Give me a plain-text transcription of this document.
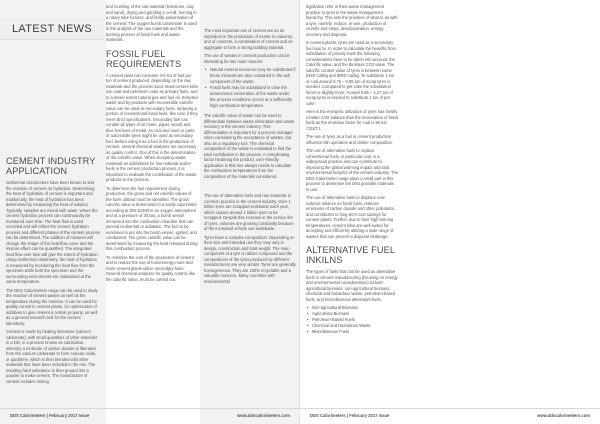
LATEST NEWS
CEMENT INDUSTRY APPLICATION

Isothermal calorimeters have been known to test the reaction of cement on hydration. Determining the heat of hydration of cement is important and traditionally, the heat of hydration has been determined by measuring the heat of solution. Typically, samples are mixed with water, where the cement hydration process can continuously be monitored over time. The heat flow is used recorded and will reflect the cement hydration process and different phases of the cement process can be determined. The addition of mixtures will change the shape of the heat flow curve and the mixture effect can be quantified. The integrated heat flow over time will give the extent of hydration. Using isothermal calorimetry, the heat of hydration is measured by monitoring the heat flow from the specimen while both the specimen and the surrounding environment are maintained at the same temperature.

The DDS Calorimeters range can be used to study the reaction of cement pastes as well as the temperature during the reaction. It can be used for quality control in cement plants, for optimization of additives to give cement a certain property, as well as a general research tool for the cement laboratory.

Cement is made by heating limestone (calcium carbonate), with small quantities of other materials in a kiln, in a process known as calcination, whereby a molecule of carbon dioxide is liberated from the calcium carbonate to form calcium oxide, or quicklime, which is then blended with other materials that have been included in the mix. The resulting hard substance is then ground into a powder to make cement. The manufacture of cement includes mining

and crushing of the raw material (limestone, clay and sand), drying and grinding in a mill, burning in a rotary tube furnace, and finally pulverisation of the cement. The oxygen bomb calorimeter is used in the analysis of the raw materials and the burning process of fossil fuels and waste materials.

FOSSIL FUEL REQUIREMENTS

A cement plant can consume 3-6 GJ of fuel per ton of cement produced, depending on the raw materials and the process used. Most cement kilns use coal and petroleum coke as primary fuels, and to a lesser extent natural gas and fuel oil. Selected waste and by-products with recoverable calorific value can be used as secondary fuels, replacing a portion of conventional fossil fuels, like coal, if they meet strict specifications. Secondary fuel can contain all types of oil (mine, paper, wood) and blue fractions of metal. As coal and used or parts of automobile tyres might be used as secondary fuel. Before using it as a fuel in the production of cement, several chemical analyses are necessary as quality control. One of this is the determination of the calorific value. When accepting waste materials as substitutes for raw material and/or fuels in the cement production process, it is important to evaluate the contribution of the waste products to the process.

To determine the fuel requirement during production, the gross and net calorific values of the fuels utilized must be identified. The gross calorific value is determined in a bomb calorimeter according to DIN 51900 in an oxygen atmosphere and at a pressure of 30 bar; a bomb vessel immersed into the combustion chamber that can ascend isothermal or adiabatic. The fuel to be examined is put into the bomb vessel, ignited, and combusted. The gross calorific value can be determined by measuring the heat released during this combustion process.

To minimize the cost of the production of cement and to reduce the use of fossil energy more and more cement plants utilize secondary fuels. Several chemical analyses for quality control, like the calorific value, must be carried out.

The most important use of cement are as an ingredient in the production of mortar in masonry, and of concrete, a combination of cement and an aggregate to form a strong building material.

The use of wastes in cement production can be interesting for two main reasons:

• Natural mineral resources may be substituted if these minerals are also contained in the ash component of the waste.
• Fossil fuels may be substituted in case the autonomous incineration of the waste under the process conditions occurs at a sufficiently high combustion temperature.

The calorific value of waste can be used to differentiate between waste elimination and waste recovery in the cement industry. This differentiation is important for a process manager when considering the acceptance of wastes, but also as a regulatory tool. The chemical composition of the waste is evaluated to find the total contribution to the process. A complicating factor hindering the product, user-friendly application is that one always needs to calculate the combustion temperatures from the composition of the materials considered.

The use of alternative fuels and raw materials is common practice in the cement industry. Over 1 billion tyres are scrapped worldwide each year, which causes around 1 billion tyres to be scrapped. Despite this increase in the service life of tyres, volumes are growing constantly because of the increased vehicle use worldwide.

Tyres have a complex composition. Depending on their size and intended use they may vary in design, construction and total weight. The main component of a tyre is rubber compound and the compositions of the tyres produced by different manufacturers are very similar. Tyres are generally homogeneous. They are 100% recyclable and a valuable resource. Many countries with environmental

DDS Calorimeters | February 2017 Issue	www.ddscalorimeters.com

legislation refer in their waste management practice to tyres in the waste management hierarchy. This sets the priorities of what to do with a tyre, namely: reduce, re-use, production of crumbs and strips, devulcanization, energy recovery and disposal.

In cement plants, tyres are used as a secondary fuel source. In order to calculate the benefits from substitution of primary fuels the following considerations have to be taken into account: the Calorific value, and the Biomass CO2 value. The calorific content value of tyres is between some 6450 Cal/kg and 8000 Cal/kg. To substitute 1 ton of coal around 0.75 – 0.85 ton of scrap tyres is needed. Compared to pet coke the substitution factor is slightly more: Around 0.85 – 1.27 ton of scrap tyres is needed to substitute 1 ton of pet coke.

Here is the energetic utilization of tyres has clearly a better CO2 balance than the incineration of fossil fuels as the emission factor for coal is 96 ton CO2/TJ.

The use of tyres as a fuel in cement production influence kiln operation and clinker composition.

The use of alternative fuels to replace conventional fuels, in particular coal, is a widespread practice and can contribute to improving the global warming impact and total environmental footprint of the cement industry. The DDS Calorimeter range plays a small part in this process to determine the best possible materials to use.

The use of alternative fuels to displace coal reduces reliance on fossil fuels, reduces emissions of carbon dioxide and other pollutants, and contributes to long-term cost savings for cement plants. Further, due to their high burning temperatures, cement kilns are well-suited for accepting and efficiently utilizing a wide range of wastes that can present a disposal challenge.

ALTERNATIVE FUEL INKILNS

The types of fuels that can be used as alternative fuels in cement manufacturing (focusing on energy and environmental considerations) include: agricultural biomass, non-agricultural biomass, chemical and hazardous waste, petroleum-based fuels, and miscellaneous alternative fuels.

• Non-agricultural Biomass
• Agricultural Biomass
• Petroleum-Based Fuels
• Chemical and Hazardous Waste
• Miscellaneous Fuels
DDS Calorimeters | February 2017 Issue	www.ddscalorimeters.com
